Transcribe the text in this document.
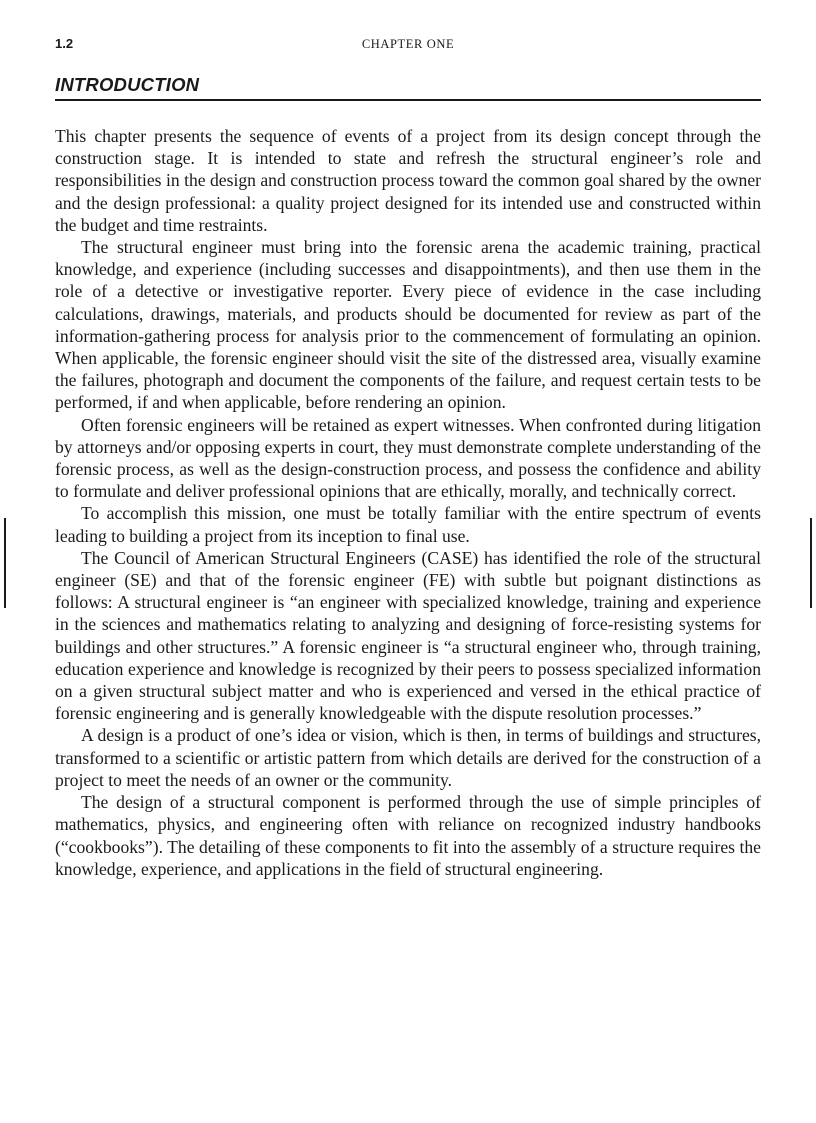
1.2	CHAPTER ONE
INTRODUCTION

This chapter presents the sequence of events of a project from its design concept through the construction stage. It is intended to state and refresh the structural engineer’s role and responsibilities in the design and construction process toward the common goal shared by the owner and the design professional: a quality project designed for its intended use and constructed within the budget and time restraints.

The structural engineer must bring into the forensic arena the academic training, practical knowledge, and experience (including successes and disappointments), and then use them in the role of a detective or investigative reporter. Every piece of evidence in the case including calculations, drawings, materials, and products should be documented for review as part of the information-gathering process for analysis prior to the commencement of formulating an opinion. When applicable, the forensic engineer should visit the site of the distressed area, visually examine the failures, photograph and document the components of the failure, and request certain tests to be performed, if and when applicable, before rendering an opinion.

Often forensic engineers will be retained as expert witnesses. When confronted during litigation by attorneys and/or opposing experts in court, they must demonstrate complete understanding of the forensic process, as well as the design-construction process, and possess the confidence and ability to formulate and deliver professional opinions that are ethically, morally, and technically correct.

To accomplish this mission, one must be totally familiar with the entire spectrum of events leading to building a project from its inception to final use.

The Council of American Structural Engineers (CASE) has identified the role of the structural engineer (SE) and that of the forensic engineer (FE) with subtle but poignant distinctions as follows: A structural engineer is “an engineer with specialized knowledge, training and experience in the sciences and mathematics relating to analyzing and designing of force-resisting systems for buildings and other structures.” A forensic engineer is “a structural engineer who, through training, education experience and knowledge is recognized by their peers to possess specialized information on a given structural subject matter and who is experienced and versed in the ethical practice of forensic engineering and is generally knowledgeable with the dispute resolution processes.”

A design is a product of one’s idea or vision, which is then, in terms of buildings and structures, transformed to a scientific or artistic pattern from which details are derived for the construction of a project to meet the needs of an owner or the community.

The design of a structural component is performed through the use of simple principles of mathematics, physics, and engineering often with reliance on recognized industry handbooks (“cookbooks”). The detailing of these components to fit into the assembly of a structure requires the knowledge, experience, and applications in the field of structural engineering.
